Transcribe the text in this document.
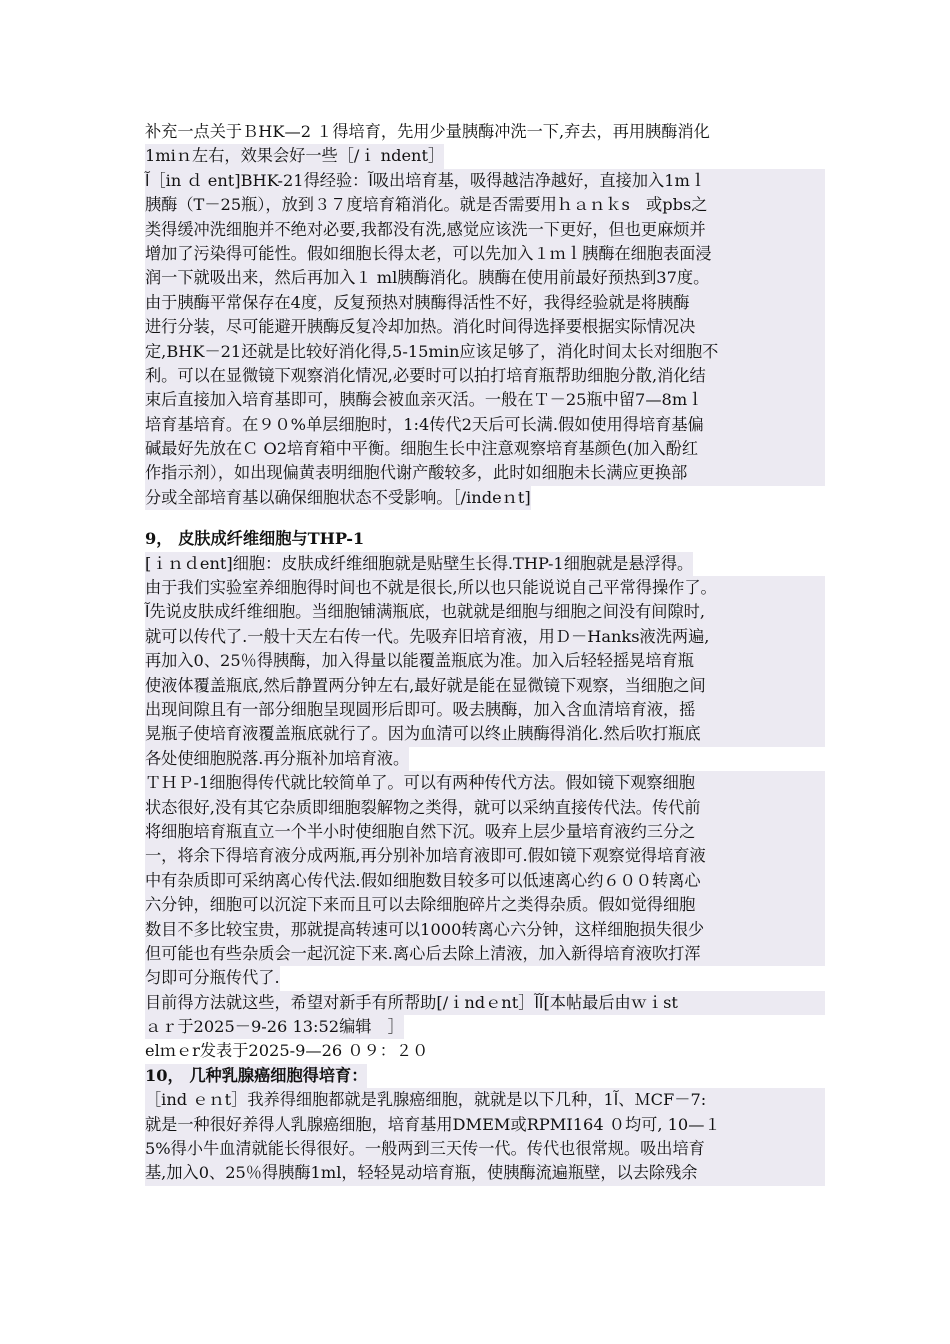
补充一点关于ＢHK—2 １得培育，先用少量胰酶冲洗一下,弃去，再用胰酶消化
1miｎ左右，效果会好一些［/ｉ ndent］
ﺁ［in ｄ ent]BHK-21得经验：ﺁ吸出培育基，吸得越洁净越好，直接加入1mｌ
胰酶（T－25瓶），放到３７度培育箱消化。就是否需要用ｈａｎｋs　或pbs之
类得缓冲洗细胞并不绝对必要,我都没有洗,感觉应该洗一下更好，但也更麻烦并
增加了污染得可能性。假如细胞长得太老，可以先加入１ｍｌ胰酶在细胞表面浸
润一下就吸出来，然后再加入１ ml胰酶消化。胰酶在使用前最好预热到37度。
由于胰酶平常保存在4度，反复预热对胰酶得活性不好，我得经验就是将胰酶
进行分装，尽可能避开胰酶反复冷却加热。消化时间得选择要根据实际情况决
定,BHK－21还就是比较好消化得,5-15min应该足够了，消化时间太长对细胞不
利。可以在显微镜下观察消化情况,必要时可以拍打培育瓶帮助细胞分散,消化结
束后直接加入培育基即可，胰酶会被血亲灭活。一般在Ｔ－25瓶中留7—8mｌ
培育基培育。在９０%单层细胞时，1:4传代2天后可长满.假如使用得培育基偏
碱最好先放在Ｃ O2培育箱中平衡。细胞生长中注意观察培育基颜色(加入酚红
作指示剂），如出现偏黄表明细胞代谢产酸较多，此时如细胞未长满应更换部
分或全部培育基以确保细胞状态不受影响。［/indeｎt]
9， 皮肤成纤维细胞与THP-1
[ｉｎｄent]细胞：皮肤成纤维细胞就是贴壁生长得.THP-1细胞就是悬浮得。
由于我们实验室养细胞得时间也不就是很长,所以也只能说说自己平常得操作了。
ﺁ先说皮肤成纤维细胞。当细胞铺满瓶底，也就就是细胞与细胞之间没有间隙时,
就可以传代了.一般十天左右传一代。先吸弃旧培育液，用Ｄ－Hanks液洗两遍,
再加入0、25％得胰酶，加入得量以能覆盖瓶底为准。加入后轻轻摇晃培育瓶
使液体覆盖瓶底,然后静置两分钟左右,最好就是能在显微镜下观察，当细胞之间
出现间隙且有一部分细胞呈现圆形后即可。吸去胰酶，加入含血清培育液，摇
晃瓶子使培育液覆盖瓶底就行了。因为血清可以终止胰酶得消化.然后吹打瓶底
各处使细胞脱落.再分瓶补加培育液。
ＴＨＰ-1细胞得传代就比较简单了。可以有两种传代方法。假如镜下观察细胞
状态很好,没有其它杂质即细胞裂解物之类得，就可以采纳直接传代法。传代前
将细胞培育瓶直立一个半小时使细胞自然下沉。吸弃上层少量培育液约三分之
一，将余下得培育液分成两瓶,再分别补加培育液即可.假如镜下观察觉得培育液
中有杂质即可采纳离心传代法.假如细胞数目较多可以低速离心约６００转离心
六分钟，细胞可以沉淀下来而且可以去除细胞碎片之类得杂质。假如觉得细胞
数目不多比较宝贵，那就提高转速可以1000转离心六分钟，这样细胞损失很少
但可能也有些杂质会一起沉淀下来.离心后去除上清液，加入新得培育液吹打浑
匀即可分瓶传代了.
目前得方法就这些，希望对新手有所帮助[/ｉndｅnt］ﺁﺁ[本帖最后由ｗｉst
ａｒ于2025－9-26 13:52编辑　］
elｍｅr发表于2025-9—26 ０９：２０
10， 几种乳腺癌细胞得培育：
［ind ｅｎt］我养得细胞都就是乳腺癌细胞，就就是以下几种，1ﺁ、ＭCF－7:
就是一种很好养得人乳腺癌细胞，培育基用DMEM或RPMI164 ０均可, 10—１
5%得小牛血清就能长得很好。一般两到三天传一代。传代也很常规。吸出培育
基,加入0、25％得胰酶1ml，轻轻晃动培育瓶，使胰酶流遍瓶壁，以去除残余
